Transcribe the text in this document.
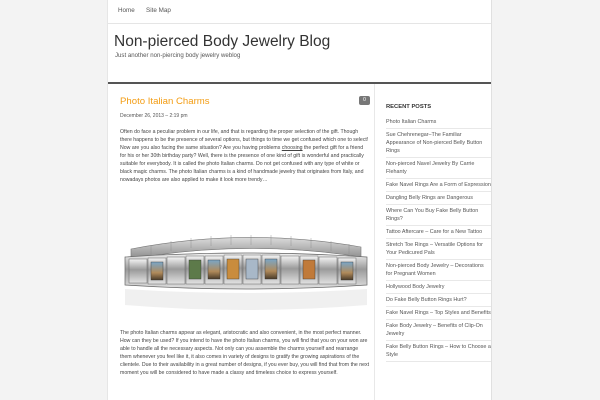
Home Site Map
Non-pierced Body Jewelry Blog
Just another non-piercing body jewelry weblog
Photo Italian Charms	0
December 26, 2013 – 2:19 pm

Often do face a peculiar problem in our life, and that is regarding the proper selection of the gift. Though there happens to be the presence of several options, but things to time we get confused which one to select! Now are you also facing the same situation? Are you having problems choosing the perfect gift for a friend for his or her 30th birthday party? Well, there is the presence of one kind of gift is wonderful and practically suitable for everybody. It is called the photo Italian charms. Do not get confused with any type of white or black magic charms. The photo Italian charms is a kind of handmade jewelry that originates from Italy, and nowadays photos are also applied to make it look more trendy…

The photo Italian charms appear as elegant, aristocratic and also convenient, in the most perfect manner. How can they be used? If you intend to have the photo Italian charms, you will find that you on your won are able to handle all the necessary aspects. Not only can you assemble the charms yourself and rearrange them whenever you feel like it, it also comes in variety of designs to gratify the growing aspirations of the clientele. Due to their availability in a great number of designs, if you ever buy, you will find that from the next moment you will be considered to have made a classy and timeless choice to express yourself.

RECENT POSTS
Photo Italian Charms
Sue Chehrenegar–The Familiar Appearance of Non-pierced Belly Button Rings
Non-pierced Navel Jewelry By Carrie Flehanty
Fake Navel Rings Are a Form of Expression
Dangling Belly Rings are Dangerous
Where Can You Buy Fake Belly Button Rings?
Tattoo Aftercare – Care for a New Tattoo
Stretch Toe Rings – Versatile Options for Your Pedicured Pals
Non-pierced Body Jewelry – Decorations for Pregnant Women
Hollywood Body Jewelry
Do Fake Belly Button Rings Hurt?
Fake Navel Rings – Top Styles and Benefits
Fake Body Jewelry – Benefits of Clip-On Jewelry
Fake Belly Button Rings – How to Choose a Style
